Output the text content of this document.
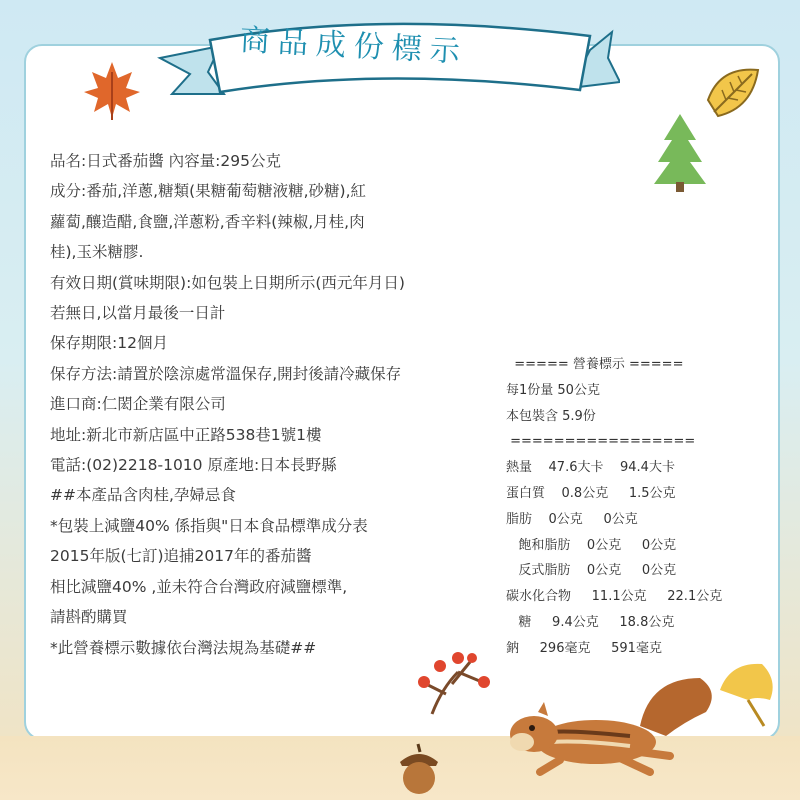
商品成份標示
品名:日式番茄醬 內容量:295公克
成分:番茄,洋蔥,糖類(果糖葡萄糖液糖,砂糖),紅
蘿蔔,釀造醋,食鹽,洋蔥粉,香辛料(辣椒,月桂,肉
桂),玉米糖膠.
有效日期(賞味期限):如包裝上日期所示(西元年月日)
若無日,以當月最後一日計
保存期限:12個月
保存方法:請置於陰涼處常溫保存,開封後請冷藏保存
進口商:仁閎企業有限公司
地址:新北市新店區中正路538巷1號1樓
電話:(02)2218-1010 原產地:日本長野縣
##本產品含肉桂,孕婦忌食
*包裝上減鹽40% 係指與"日本食品標準成分表
2015年版(七訂)追捕2017年的番茄醬
相比減鹽40% ,並未符合台灣政府減鹽標準,
請斟酌購買
*此營養標示數據依台灣法規為基礎##
===== 營養標示 =====
每1份量 50公克
本包裝含 5.9份
=================
熱量    47.6大卡    94.4大卡
蛋白質    0.8公克     1.5公克
脂肪    0公克     0公克
飽和脂肪    0公克     0公克
反式脂肪    0公克     0公克
碳水化合物     11.1公克     22.1公克
糖     9.4公克     18.8公克
鈉     296毫克     591毫克
